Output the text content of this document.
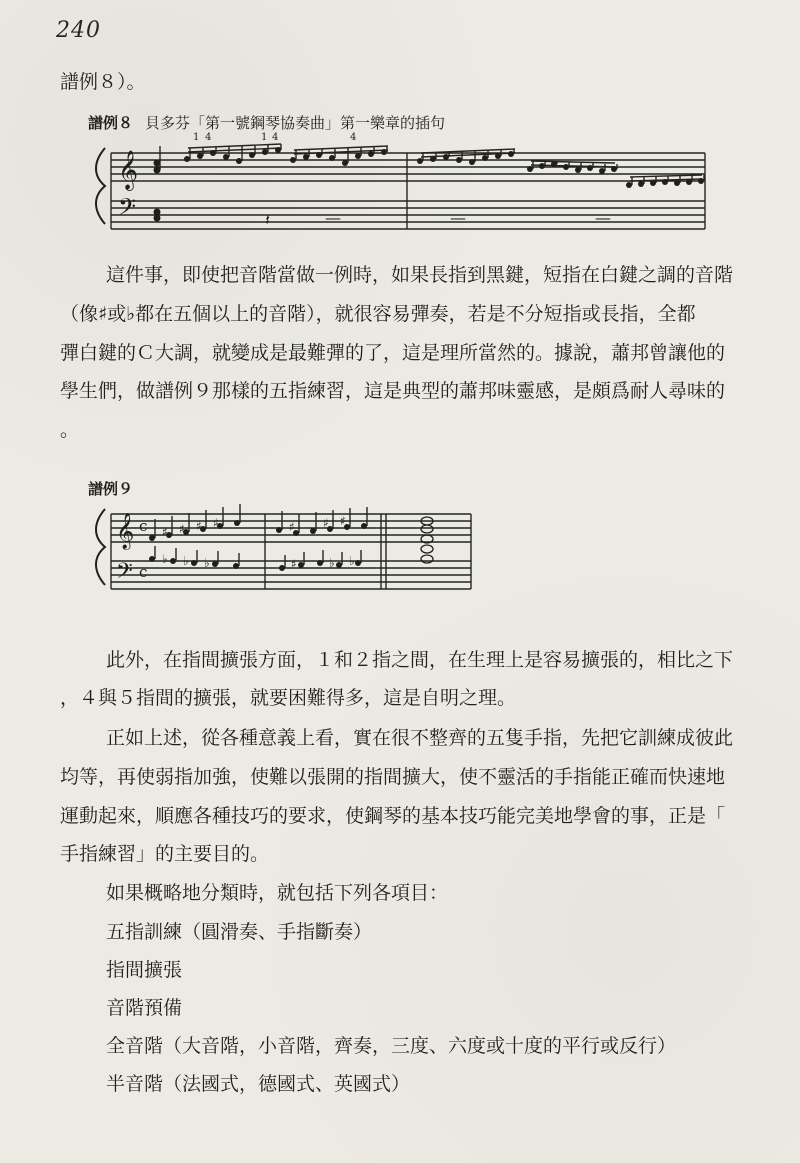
240
譜例８）。
譜例８ 貝多芬「第一號鋼琴協奏曲」第一樂章的插句
𝄞
𝄢
1 4	1 4	4
𝄽	—	—	—
這件事，即使把音階當做一例時，如果長指到黑鍵，短指在白鍵之調的音階
（像♯或♭都在五個以上的音階），就很容易彈奏，若是不分短指或長指，全都
彈白鍵的Ｃ大調，就變成是最難彈的了，這是理所當然的。據說，蕭邦曾讓他的
學生們，做譜例９那樣的五指練習，這是典型的蕭邦味靈感，是頗爲耐人尋味的
。
譜例９
𝄞
𝄢
c
c
♯ ♯ ♯ ♯	♯ ♯ ♯
♭ ♭ ♭	♯	♭ ♭
此外，在指間擴張方面，１和２指之間，在生理上是容易擴張的，相比之下
，４與５指間的擴張，就要困難得多，這是自明之理。
正如上述，從各種意義上看，實在很不整齊的五隻手指，先把它訓練成彼此
均等，再使弱指加強，使難以張開的指間擴大，使不靈活的手指能正確而快速地
運動起來，順應各種技巧的要求，使鋼琴的基本技巧能完美地學會的事，正是「
手指練習」的主要目的。
如果概略地分類時，就包括下列各項目：
五指訓練（圓滑奏、手指斷奏）
指間擴張
音階預備
全音階（大音階，小音階，齊奏，三度、六度或十度的平行或反行）
半音階（法國式，德國式、英國式）
